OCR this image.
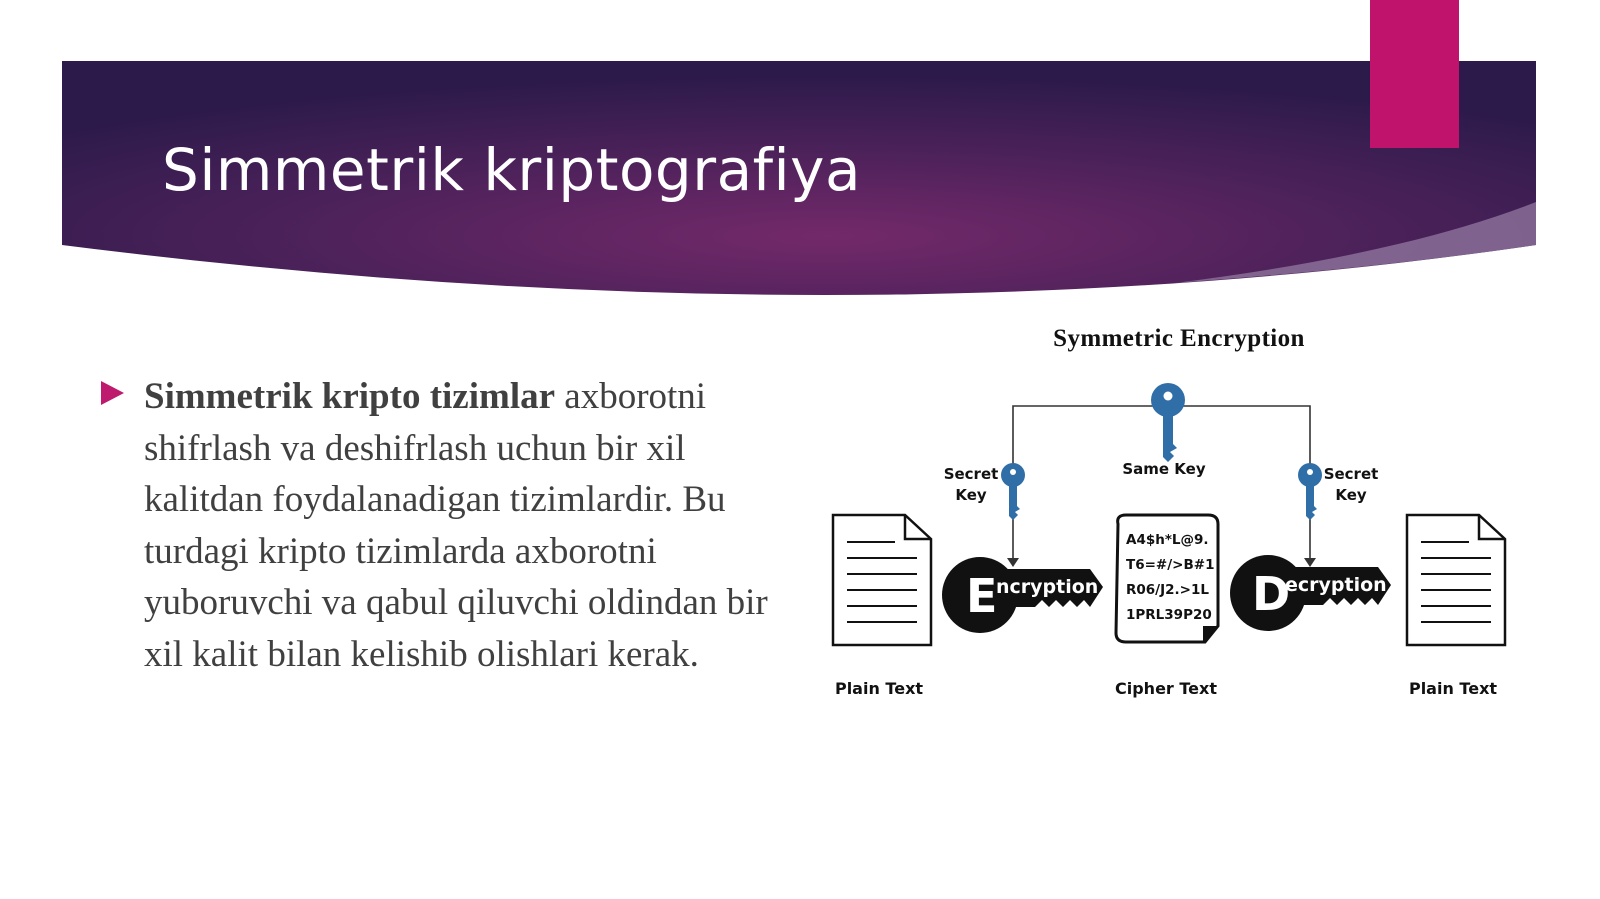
Simmetrik kriptografiya
Simmetrik kripto tizimlar axborotni shifrlash va deshifrlash uchun bir xil kalitdan foydalanadigan tizimlardir. Bu turdagi kripto tizimlarda axborotni yuboruvchi va qabul qiluvchi oldindan bir xil kalit bilan kelishib olishlari kerak.
Symmetric Encryption
Same Key
Secret
Key
Secret
Key
Plain Text
E
ncryption
A4$h*L@9.
T6=#/>B#1
R06/J2.>1L
1PRL39P20
Cipher Text
D
ecryption
Plain Text
